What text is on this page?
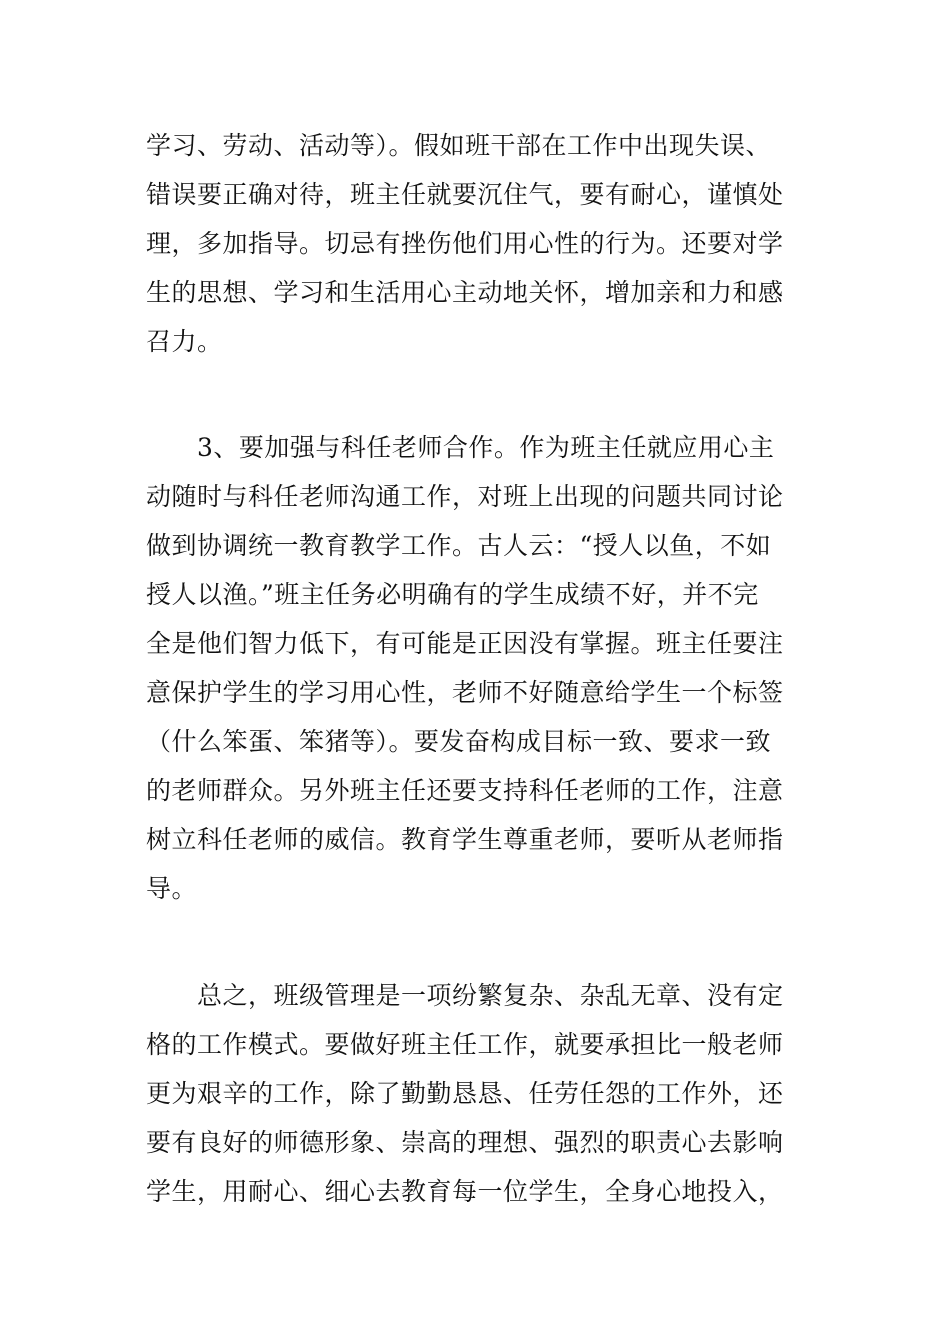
学习、劳动、活动等）。假如班干部在工作中出现失误、
错误要正确对待，班主任就要沉住气，要有耐心，谨慎处
理，多加指导。切忌有挫伤他们用心性的行为。还要对学
生的思想、学习和生活用心主动地关怀，增加亲和力和感
召力。
　　3、要加强与科任老师合作。作为班主任就应用心主
动随时与科任老师沟通工作，对班上出现的问题共同讨论
做到协调统一教育教学工作。古人云：“授人以鱼，不如
授人以渔。”班主任务必明确有的学生成绩不好，并不完
全是他们智力低下，有可能是正因没有掌握。班主任要注
意保护学生的学习用心性，老师不好随意给学生一个标签
（什么笨蛋、笨猪等）。要发奋构成目标一致、要求一致
的老师群众。另外班主任还要支持科任老师的工作，注意
树立科任老师的威信。教育学生尊重老师，要听从老师指
导。
　　总之，班级管理是一项纷繁复杂、杂乱无章、没有定
格的工作模式。要做好班主任工作，就要承担比一般老师
更为艰辛的工作，除了勤勤恳恳、任劳任怨的工作外，还
要有良好的师德形象、崇高的理想、强烈的职责心去影响
学生，用耐心、细心去教育每一位学生，全身心地投入，
